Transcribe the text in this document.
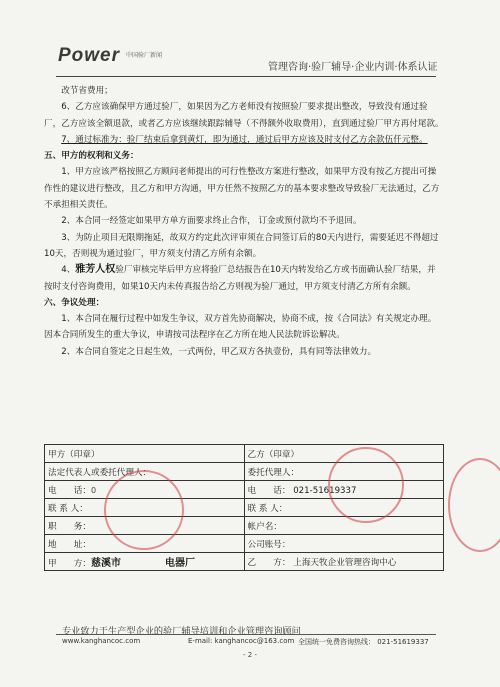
Power 中国验厂新闻
管理咨询·验厂辅导·企业内训·体系认证

改节省费用；

6、乙方应该确保甲方通过验厂，如果因为乙方老师没有按照验厂要求提出整改，导致没有通过验厂，乙方应该全额退款，或者乙方应该继续跟踪辅导（不得额外收取费用），直到通过验厂甲方再付尾款。

7、通过标准为：验厂结束后拿到黄灯，即为通过，通过后甲方应该及时支付乙方余款伍仟元整。

五、甲方的权利和义务：

1、甲方应该严格按照乙方顾问老师提出的可行性整改方案进行整改，如果甲方没有按乙方提出可操作性的建议进行整改，且乙方和甲方沟通，甲方任然不按照乙方的基本要求整改导致验厂无法通过，乙方不承担相关责任。

2、本合同一经签定如果甲方单方面要求终止合作， 订金或预付款均不予退回。

3、为防止项目无限期拖延，故双方约定此次评审须在合同签订后的80天内进行，需要延迟不得超过10天，否则视为通过验厂，甲方须支付清乙方所有余额。

4、雅芳人权验厂审核完毕后甲方应将验厂总结报告在10天内转发给乙方或书面确认验厂结果，并按时支付咨询费用，如果10天内未传真报告给乙方则视为验厂通过，甲方须支付清乙方所有余额。

六、争议处理：

1、本合同在履行过程中如发生争议，双方首先协商解决，协商不成，按《合同法》有关规定办理。因本合同所发生的重大争议，申请按司法程序在乙方所在地人民法院诉讼解决。

2、本合同自签定之日起生效，一式两份，甲乙双方各执壹份，具有同等法律效力。

甲方（印章）	乙方（印章）
法定代表人或委托代理人：	委托代理人：
电　　话：0	电　　话： 021-51619337
联 系 人：	联 系 人：
职　　务：	帐户名：
地　　址：	公司账号：
甲　　方：慈溪市 电器厂	乙　　方： 上海天牧企业管理咨询中心
专业致力于生产型企业的验厂辅导培训和企业管理咨询顾问
www.kanghancoc.com	E-mail: kanghancoc@163.com 全国统一免费咨询热线： 021-51619337
- 2 -
